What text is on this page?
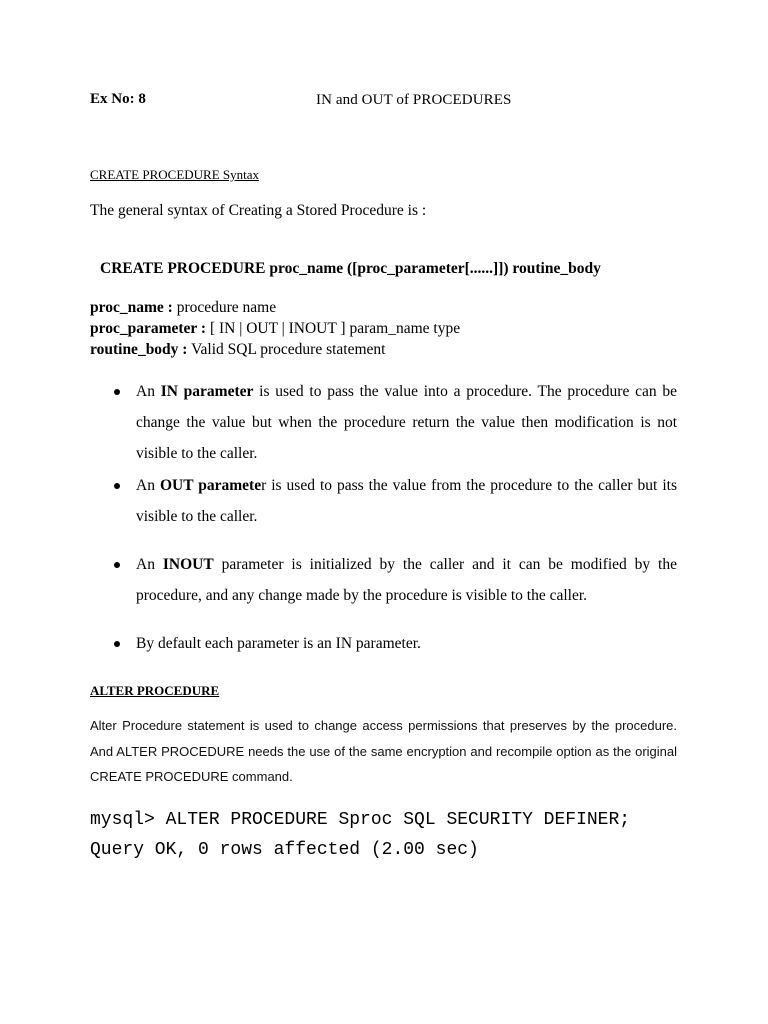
Ex No: 8	IN and OUT of PROCEDURES
CREATE PROCEDURE Syntax
The general syntax of Creating a Stored Procedure is :
CREATE PROCEDURE proc_name ([proc_parameter[......]]) routine_body
proc_name : procedure name
proc_parameter : [ IN | OUT | INOUT ] param_name type
routine_body : Valid SQL procedure statement
An IN parameter is used to pass the value into a procedure. The procedure can be change the value but when the procedure return the value then modification is not visible to the caller.
An OUT parameter is used to pass the value from the procedure to the caller but its visible to the caller.
An INOUT parameter is initialized by the caller and it can be modified by the procedure, and any change made by the procedure is visible to the caller.
By default each parameter is an IN parameter.
ALTER PROCEDURE
Alter Procedure statement is used to change access permissions that preserves by the procedure. And ALTER PROCEDURE needs the use of the same encryption and recompile option as the original CREATE PROCEDURE command.
mysql> ALTER PROCEDURE Sproc SQL SECURITY DEFINER;
Query OK, 0 rows affected (2.00 sec)
